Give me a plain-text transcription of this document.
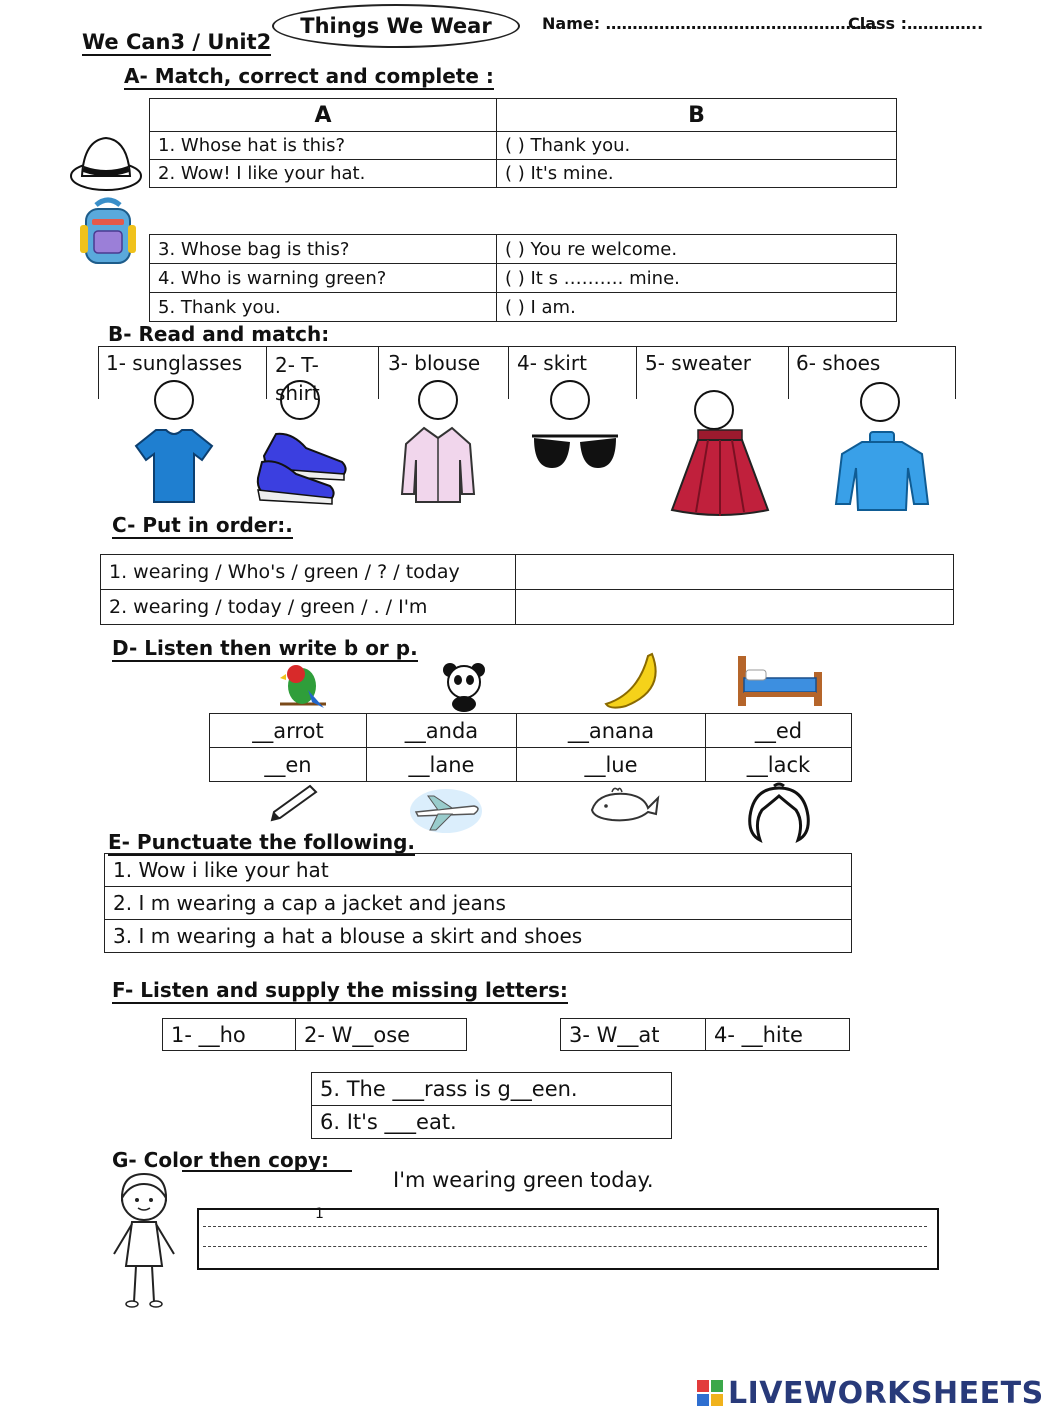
We Can3 / Unit2
Things We Wear	Name: ……………………………………………
Class :…………..
A- Match, correct and complete :
A	B
1. Whose hat is this?	( ) Thank you.
2. Wow! I like your hat.	( ) It's mine.
3. Whose bag is this?	( ) You re welcome.
4. Who is warning green?	( ) It s ………. mine.
5. Thank you.	( ) I am.
B- Read and match:
1- sunglasses 2- T-shirt
3- blouse 4- skirt	5- sweater 6- shoes
C- Put in order:.
1. wearing / Who's / green / ? / today	
2. wearing / today / green / . / I'm	
D- Listen then write b or p.
__arrot	__anda	__anana	__ed
__en	__lane	__lue	__lack
E- Punctuate the following.
1. Wow i like your hat
2. I m wearing a cap a jacket and jeans
3. I m wearing a hat a blouse a skirt and shoes
F- Listen and supply the missing letters:
1- __ho	2- W__ose	3- W__at	4- __hite
5. The ___rass is g__een.
6. It's ___eat.
G- Color then copy:
I'm wearing green today.
1
LIVEWORKSHEETS
